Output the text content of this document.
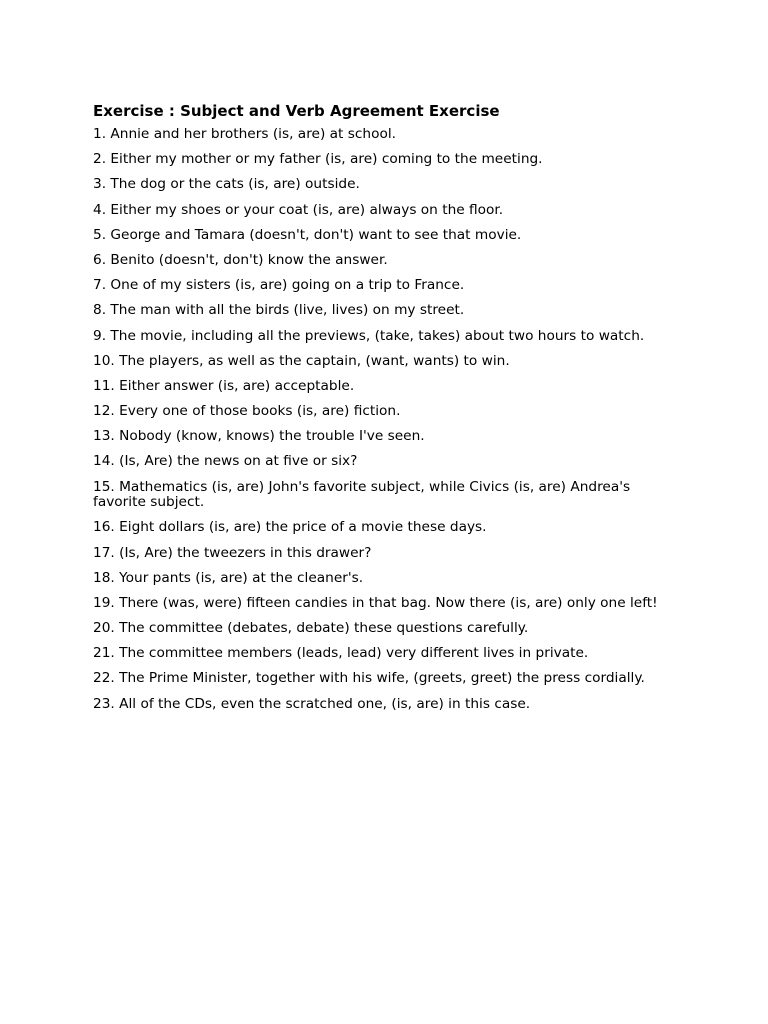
Exercise : Subject and Verb Agreement Exercise
1. Annie and her brothers (is, are) at school.
2. Either my mother or my father (is, are) coming to the meeting.
3. The dog or the cats (is, are) outside.
4. Either my shoes or your coat (is, are) always on the floor.
5. George and Tamara (doesn't, don't) want to see that movie.
6. Benito (doesn't, don't) know the answer.
7. One of my sisters (is, are) going on a trip to France.
8. The man with all the birds (live, lives) on my street.
9. The movie, including all the previews, (take, takes) about two hours to watch.
10. The players, as well as the captain, (want, wants) to win.
11. Either answer (is, are) acceptable.
12. Every one of those books (is, are) fiction.
13. Nobody (know, knows) the trouble I've seen.
14. (Is, Are) the news on at five or six?
15. Mathematics (is, are) John's favorite subject, while Civics (is, are) Andrea's favorite subject.
16. Eight dollars (is, are) the price of a movie these days.
17. (Is, Are) the tweezers in this drawer?
18. Your pants (is, are) at the cleaner's.
19. There (was, were) fifteen candies in that bag. Now there (is, are) only one left!
20. The committee (debates, debate) these questions carefully.
21. The committee members (leads, lead) very different lives in private.
22. The Prime Minister, together with his wife, (greets, greet) the press cordially.
23. All of the CDs, even the scratched one, (is, are) in this case.
